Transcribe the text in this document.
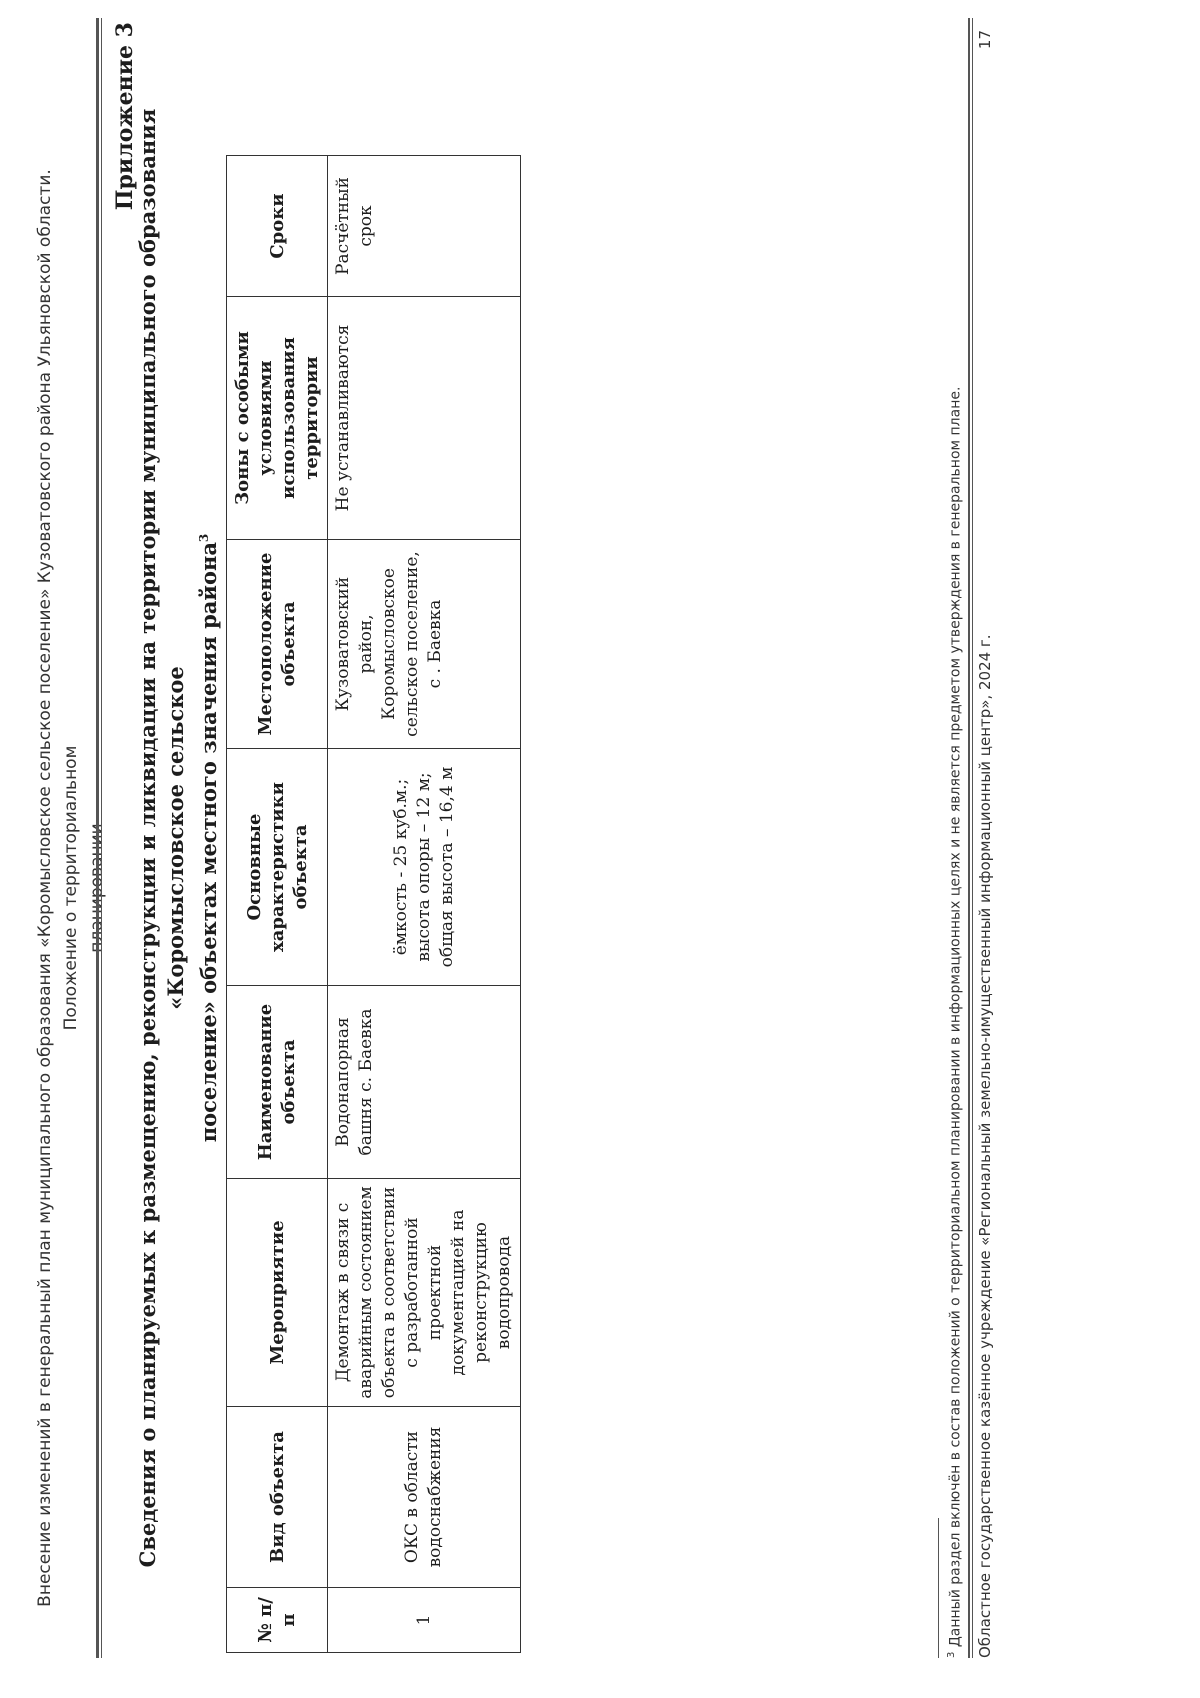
Внесение изменений в генеральный план муниципального образования «Коромысловское сельское поселение» Кузоватовского района Ульяновской области. Положение о территориальном планировании
Приложение 3
Сведения о планируемых к размещению, реконструкции и ликвидации на территории муниципального образования «Коромысловское сельское поселение» объектах местного значения района$^3$
№ п/п	Вид объекта	Мероприятие	Наименование объекта	Основные характеристики объекта	Местоположение объекта	Зоны с особыми условиями использования территории	Сроки
1	ОКС в области водоснабжения	Демонтаж в связи с аварийным состоянием объекта в соответствии с разработанной проектной документацией на реконструкцию водопровода	Водонапорная башня с. Баевка	ёмкость - 25 куб.м.; высота опоры – 12 м; общая высота – 16,4 м	Кузоватовский район, Коромысловское сельское поселение, с . Баевка	Не устанавливаются	Расчётный срок
$^3$ Данный раздел включён в состав положений о территориальном планировании в информационных целях и не является предметом утверждения в генеральном плане. Областное государственное казённое учреждение «Региональный земельно-имущественный информационный центр», 2024 г.
17
